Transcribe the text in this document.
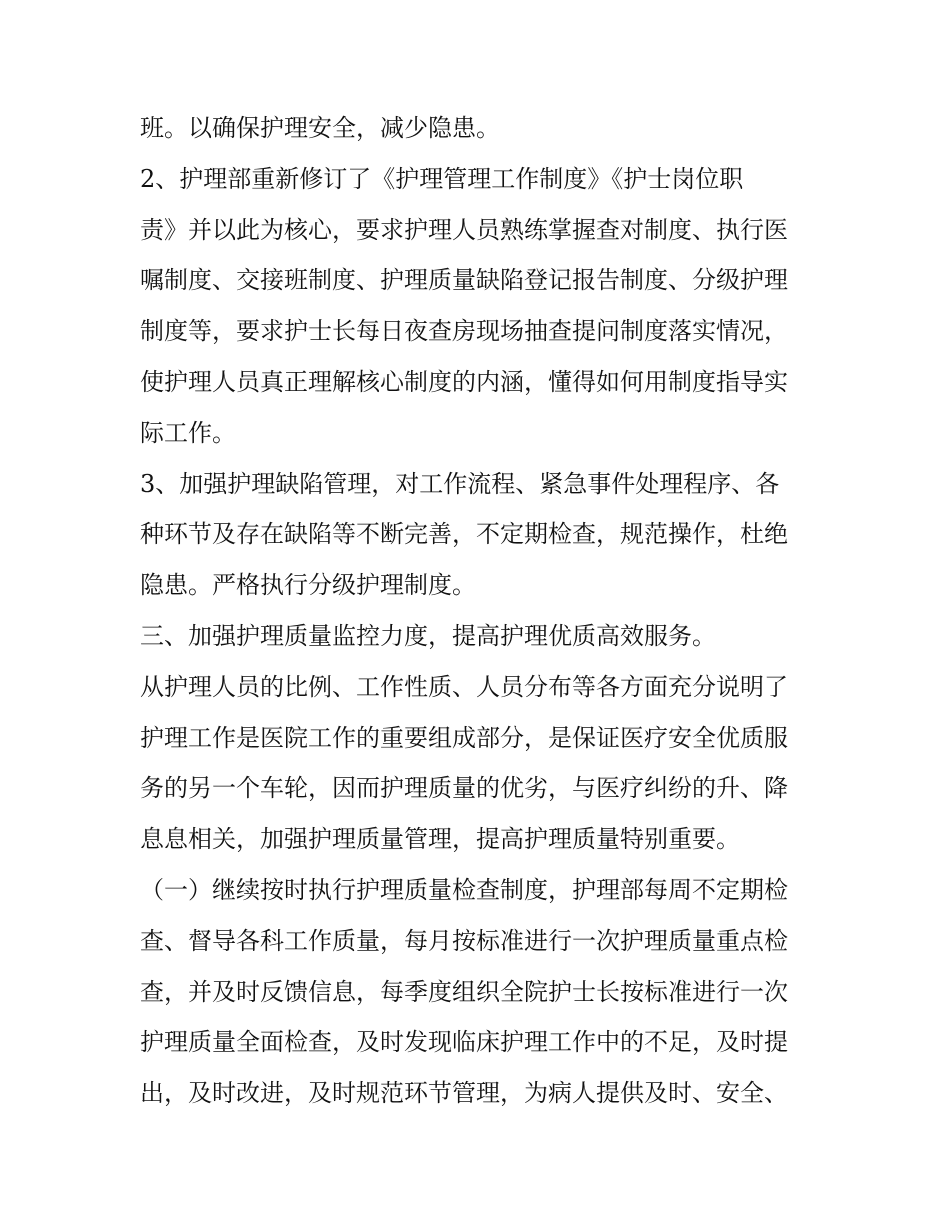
班。以确保护理安全，减少隐患。
2、护理部重新修订了《护理管理工作制度》《护士岗位职
责》并以此为核心，要求护理人员熟练掌握查对制度、执行医
嘱制度、交接班制度、护理质量缺陷登记报告制度、分级护理
制度等，要求护士长每日夜查房现场抽查提问制度落实情况，
使护理人员真正理解核心制度的内涵，懂得如何用制度指导实
际工作。
3、加强护理缺陷管理，对工作流程、紧急事件处理程序、各
种环节及存在缺陷等不断完善，不定期检查，规范操作，杜绝
隐患。严格执行分级护理制度。
三、加强护理质量监控力度，提高护理优质高效服务。
从护理人员的比例、工作性质、人员分布等各方面充分说明了
护理工作是医院工作的重要组成部分，是保证医疗安全优质服
务的另一个车轮，因而护理质量的优劣，与医疗纠纷的升、降
息息相关，加强护理质量管理，提高护理质量特别重要。
（一）继续按时执行护理质量检查制度，护理部每周不定期检
查、督导各科工作质量，每月按标准进行一次护理质量重点检
查，并及时反馈信息，每季度组织全院护士长按标准进行一次
护理质量全面检查，及时发现临床护理工作中的不足，及时提
出，及时改进，及时规范环节管理，为病人提供及时、安全、
